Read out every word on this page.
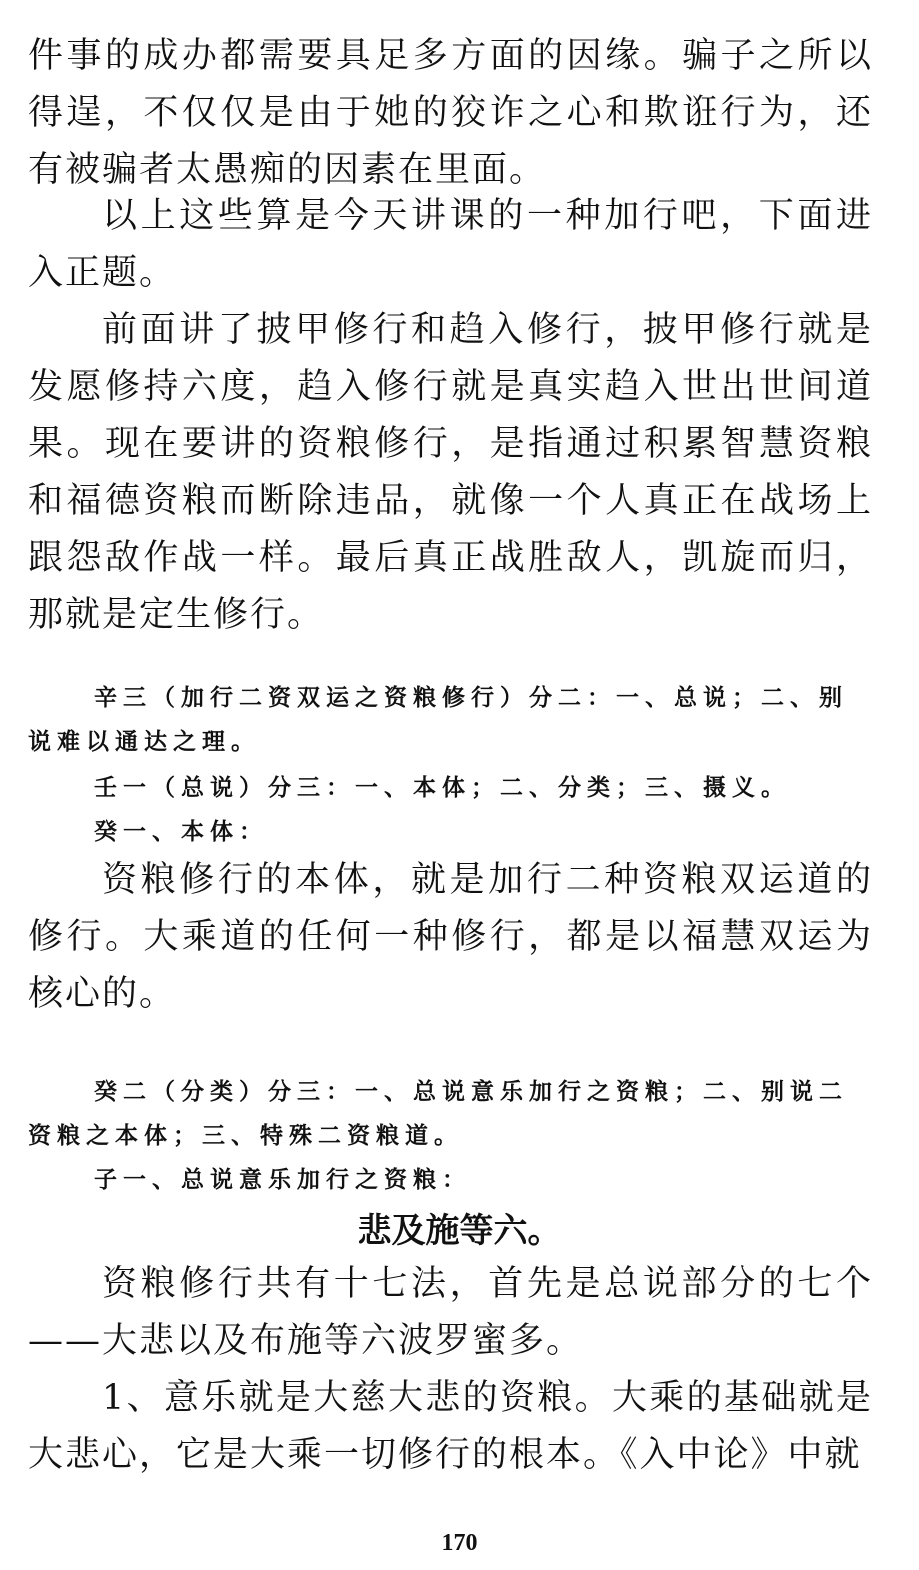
件事的成办都需要具足多方面的因缘。骗子之所以得逞，不仅仅是由于她的狡诈之心和欺诳行为，还有被骗者太愚痴的因素在里面。

以上这些算是今天讲课的一种加行吧，下面进入正题。

前面讲了披甲修行和趋入修行，披甲修行就是发愿修持六度，趋入修行就是真实趋入世出世间道果。现在要讲的资粮修行，是指通过积累智慧资粮和福德资粮而断除违品，就像一个人真正在战场上跟怨敌作战一样。最后真正战胜敌人，凯旋而归，那就是定生修行。

辛三（加行二资双运之资粮修行）分二：一、总说；二、别说难以通达之理。

壬一（总说）分三：一、本体；二、分类；三、摄义。

癸一、本体：

资粮修行的本体，就是加行二种资粮双运道的修行。大乘道的任何一种修行，都是以福慧双运为核心的。

癸二（分类）分三：一、总说意乐加行之资粮；二、别说二资粮之本体；三、特殊二资粮道。

子一、总说意乐加行之资粮：

悲及施等六。

资粮修行共有十七法，首先是总说部分的七个——大悲以及布施等六波罗蜜多。

1、意乐就是大慈大悲的资粮。大乘的基础就是大悲心，它是大乘一切修行的根本。《入中论》中就

170
